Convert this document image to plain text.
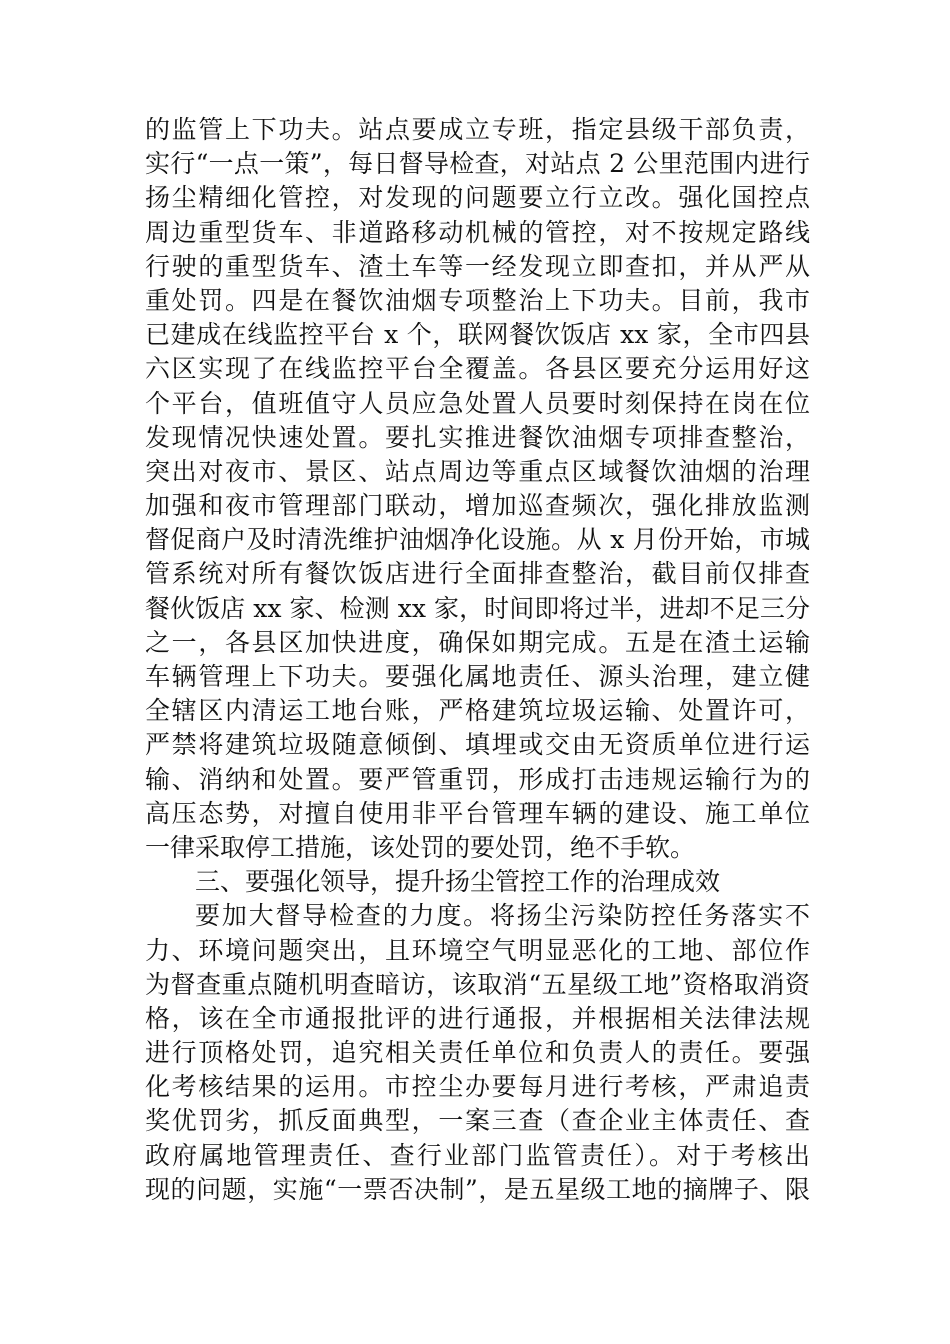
的监管上下功夫。站点要成立专班，指定县级干部负责，
实行“一点一策”，每日督导检查，对站点 2 公里范围内进行
扬尘精细化管控，对发现的问题要立行立改。强化国控点
周边重型货车、非道路移动机械的管控，对不按规定路线
行驶的重型货车、渣土车等一经发现立即查扣，并从严从
重处罚。四是在餐饮油烟专项整治上下功夫。目前，我市
已建成在线监控平台 x 个，联网餐饮饭店 xx 家，全市四县
六区实现了在线监控平台全覆盖。各县区要充分运用好这
个平台，值班值守人员应急处置人员要时刻保持在岗在位
发现情况快速处置。要扎实推进餐饮油烟专项排查整治，
突出对夜市、景区、站点周边等重点区域餐饮油烟的治理
加强和夜市管理部门联动，增加巡查频次，强化排放监测
督促商户及时清洗维护油烟净化设施。从 x 月份开始，市城
管系统对所有餐饮饭店进行全面排查整治，截目前仅排查
餐伙饭店 xx 家、检测 xx 家，时间即将过半，进却不足三分
之一，各县区加快进度，确保如期完成。五是在渣土运输
车辆管理上下功夫。要强化属地责任、源头治理，建立健
全辖区内清运工地台账，严格建筑垃圾运输、处置许可，
严禁将建筑垃圾随意倾倒、填埋或交由无资质单位进行运
输、消纳和处置。要严管重罚，形成打击违规运输行为的
高压态势，对擅自使用非平台管理车辆的建设、施工单位
一律采取停工措施，该处罚的要处罚，绝不手软。
三、要强化领导，提升扬尘管控工作的治理成效
要加大督导检查的力度。将扬尘污染防控任务落实不
力、环境问题突出，且环境空气明显恶化的工地、部位作
为督查重点随机明查暗访，该取消“五星级工地”资格取消资
格，该在全市通报批评的进行通报，并根据相关法律法规
进行顶格处罚，追究相关责任单位和负责人的责任。要强
化考核结果的运用。市控尘办要每月进行考核，严肃追责
奖优罚劣，抓反面典型，一案三查（查企业主体责任、查
政府属地管理责任、查行业部门监管责任）。对于考核出
现的问题，实施“一票否决制”，是五星级工地的摘牌子、限
